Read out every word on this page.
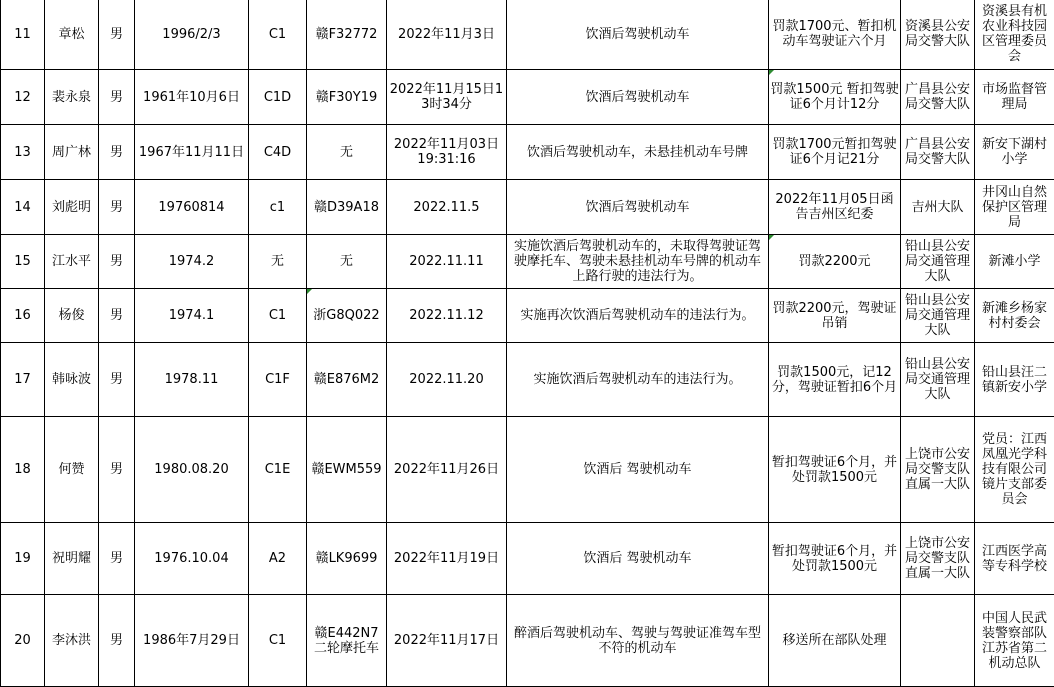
11	章松	男	1996/2/3	C1	赣F32772	2022年11月3日	饮酒后驾驶机动车	罚款1700元、暂扣机动车驾驶证六个月	资溪县公安局交警大队	资溪县有机农业科技园区管理委员会
12	裴永泉	男	1961年10月6日	C1D	赣F30Y19	2022年11月15日13时34分	饮酒后驾驶机动车	罚款1500元 暂扣驾驶证6个月计12分	广昌县公安局交警大队	市场监督管理局
13	周广林	男	1967年11月11日	C4D	无	2022年11月03日 19:31:16	饮酒后驾驶机动车，未悬挂机动车号牌	罚款1700元暂扣驾驶证6个月记21分	广昌县公安局交警大队	新安下湖村小学
14	刘彪明	男	19760814	c1	赣D39A18	2022.11.5	饮酒后驾驶机动车	2022年11月05日函告吉州区纪委	吉州大队	井冈山自然保护区管理局
15	江水平	男	1974.2	无	无	2022.11.11	实施饮酒后驾驶机动车的，未取得驾驶证驾驶摩托车、驾驶未悬挂机动车号牌的机动车上路行驶的违法行为。	罚款2200元	铅山县公安局交通管理大队	新滩小学
16	杨俊	男	1974.1	C1	浙G8Q022	2022.11.12	实施再次饮酒后驾驶机动车的违法行为。	罚款2200元，驾驶证吊销	铅山县公安局交通管理大队	新滩乡杨家村村委会
17	韩咏波	男	1978.11	C1F	赣E876M2	2022.11.20	实施饮酒后驾驶机动车的违法行为。	罚款1500元，记12分，驾驶证暂扣6个月	铅山县公安局交通管理大队	铅山县汪二镇新安小学
18	何赞	男	1980.08.20	C1E	赣EWM559	2022年11月26日	饮酒后 驾驶机动车	暂扣驾驶证6个月，并处罚款1500元	上饶市公安局交警支队直属一大队	党员：江西凤凰光学科技有限公司镜片支部委员会
19	祝明耀	男	1976.10.04	A2	赣LK9699	2022年11月19日	饮酒后 驾驶机动车	暂扣驾驶证6个月，并处罚款1500元	上饶市公安局交警支队直属一大队	江西医学高等专科学校
20	李沐洪	男	1986年7月29日	C1	赣E442N7 二轮摩托车	2022年11月17日	醉酒后驾驶机动车、驾驶与驾驶证准驾车型不符的机动车	移送所在部队处理		中国人民武装警察部队江苏省第二机动总队
